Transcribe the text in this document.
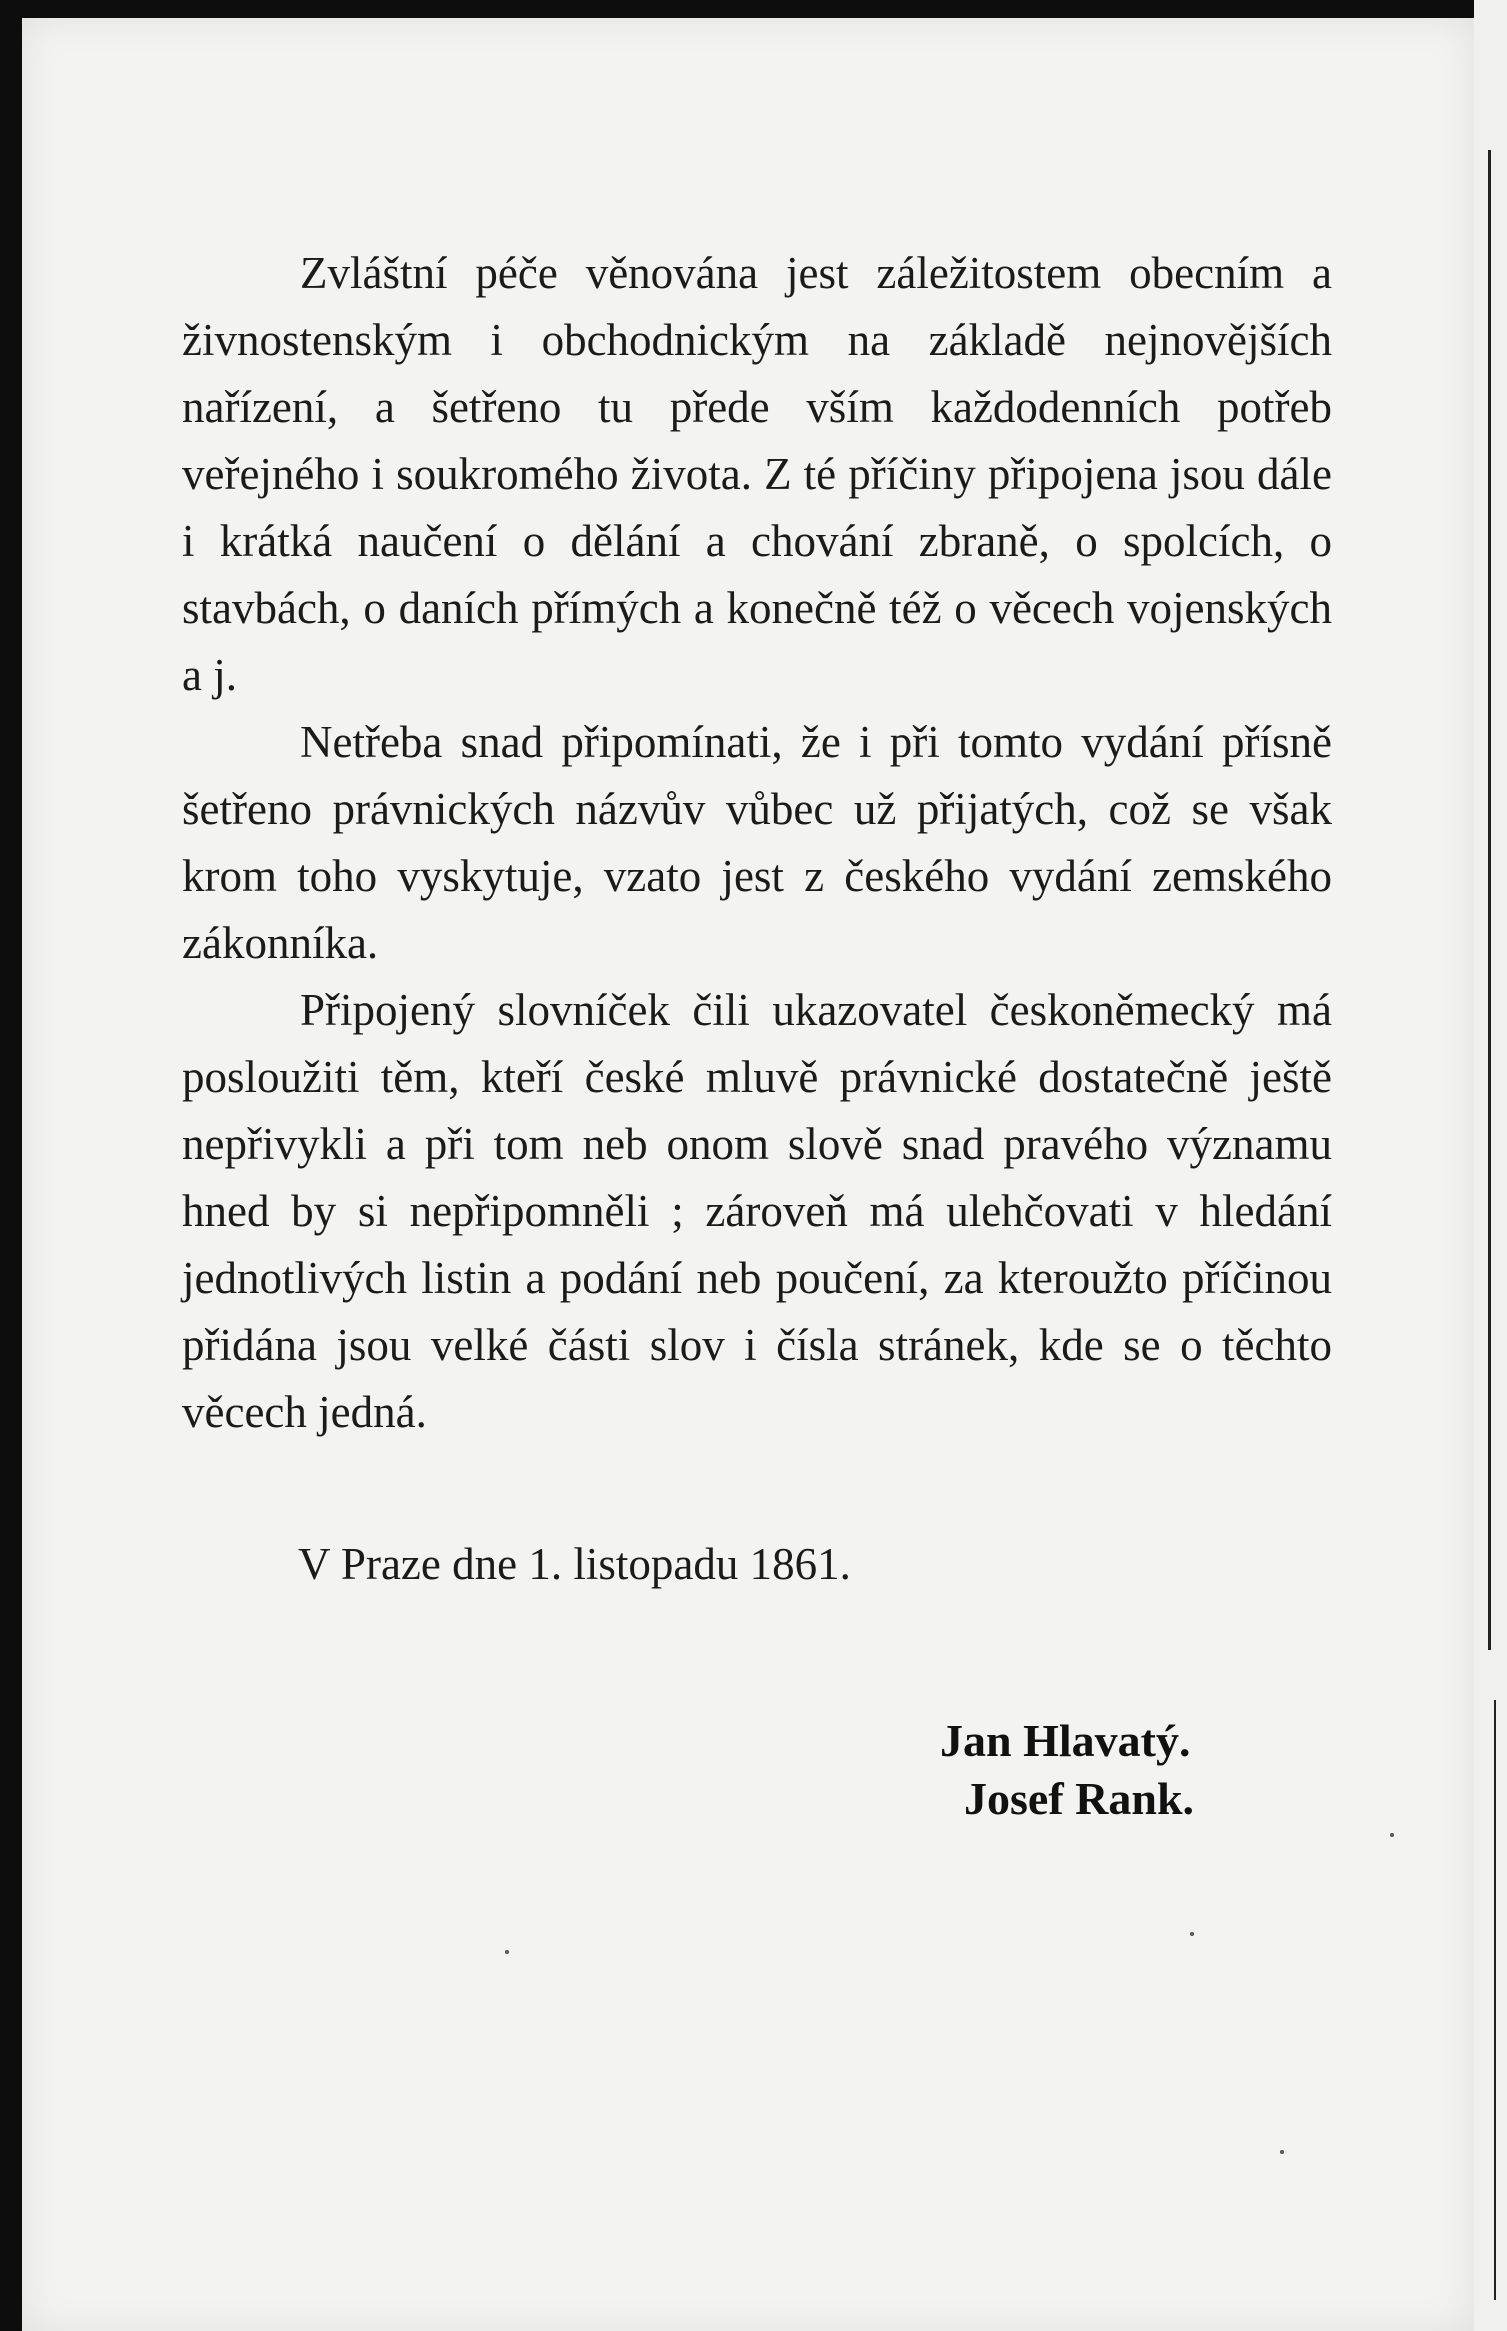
Zvláštní péče věnována jest záležitostem obecním a živnostenským i obchodnickým na základě nejnovějších nařízení, a šetřeno tu přede vším každodenních potřeb veřejného i soukromého života. Z té příčiny připojena jsou dále i krátká naučení o dělání a chování zbraně, o spolcích, o stavbách, o daních přímých a konečně též o věcech vojenských a j.

Netřeba snad připomínati, že i při tomto vydání přísně šetřeno právnických názvův vůbec už přijatých, což se však krom toho vyskytuje, vzato jest z českého vydání zemského zákonníka.

Připojený slovníček čili ukazovatel českoněmecký má posloužiti těm, kteří české mluvě právnické dostatečně ještě nepřivykli a při tom neb onom slově snad pravého významu hned by si nepřipomněli ; zároveň má ulehčovati v hledání jednotlivých listin a podání neb poučení, za kteroužto příčinou přidána jsou velké části slov i čísla stránek, kde se o těchto věcech jedná.

V Praze dne 1. listopadu 1861.
Jan Hlavatý.
Josef Rank.
